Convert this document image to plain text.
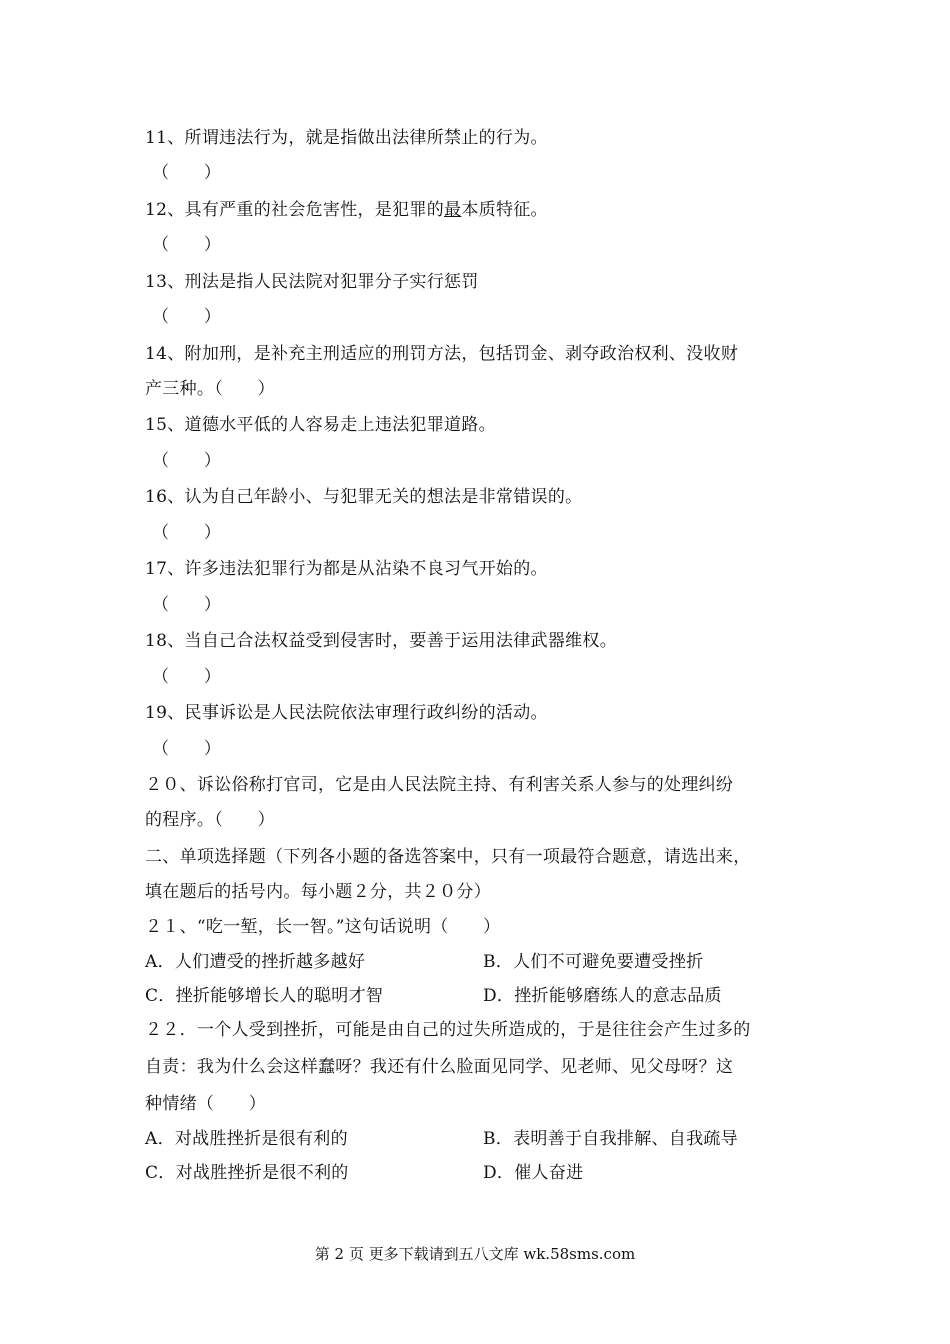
11、所谓违法行为，就是指做出法律所禁止的行为。
（　　）
12、具有严重的社会危害性，是犯罪的最本质特征。
（　　）
13、刑法是指人民法院对犯罪分子实行惩罚
（　　）
14、附加刑，是补充主刑适应的刑罚方法，包括罚金、剥夺政治权利、没收财
产三种。（　　）
15、道德水平低的人容易走上违法犯罪道路。
（　　）
16、认为自己年龄小、与犯罪无关的想法是非常错误的。
（　　）
17、许多违法犯罪行为都是从沾染不良习气开始的。
（　　）
18、当自己合法权益受到侵害时，要善于运用法律武器维权。
（　　）
19、民事诉讼是人民法院依法审理行政纠纷的活动。
（　　）
２０、诉讼俗称打官司，它是由人民法院主持、有利害关系人参与的处理纠纷
的程序。（　　）
二、单项选择题（下列各小题的备选答案中，只有一项最符合题意，请选出来，
填在题后的括号内。每小题２分，共２０分）
２１、“吃一堑，长一智。”这句话说明（　　）
A．人们遭受的挫折越多越好	B．人们不可避免要遭受挫折
C．挫折能够增长人的聪明才智	D．挫折能够磨练人的意志品质
２２．一个人受到挫折，可能是由自己的过失所造成的，于是往往会产生过多的
自责：我为什么会这样蠢呀？我还有什么脸面见同学、见老师、见父母呀？这
种情绪（　　）
A．对战胜挫折是很有利的	B．表明善于自我排解、自我疏导
C．对战胜挫折是很不利的	D．催人奋进
第 2 页 更多下载请到五八文库 wk.58sms.com
